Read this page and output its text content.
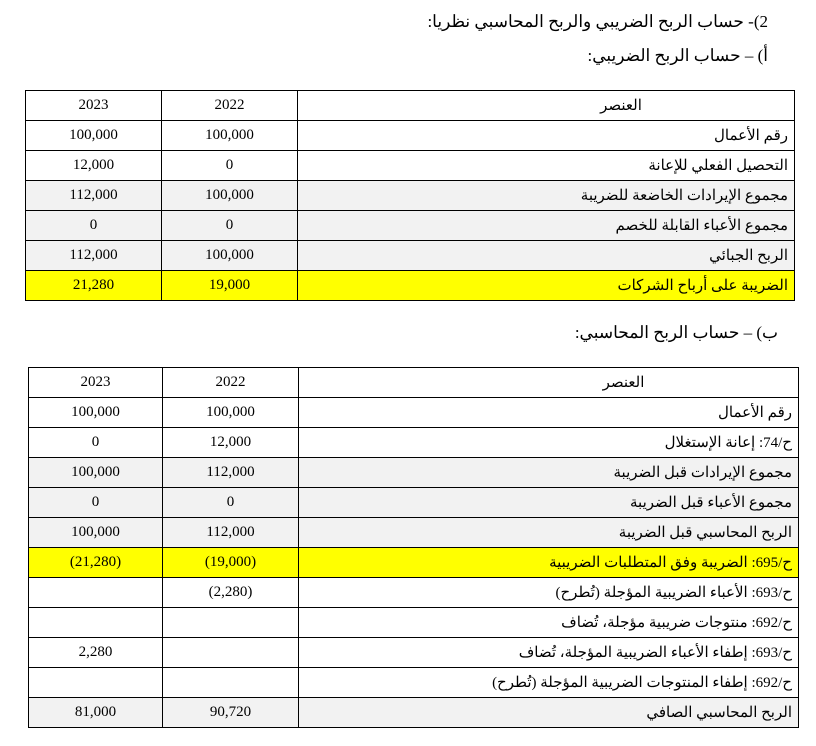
2)- حساب الربح الضريبي والربح المحاسبي نظريا:
أ) – حساب الربح الضريبي:
العنصر	2022	2023
رقم الأعمال	100,000	100,000
التحصيل الفعلي للإعانة	0	12,000
مجموع الإيرادات الخاضعة للضريبة	100,000	112,000
مجموع الأعباء القابلة للخصم	0	0
الربح الجبائي	100,000	112,000
الضريبة على أرباح الشركات	19,000	21,280
ب) – حساب الربح المحاسبي:
العنصر	2022	2023
رقم الأعمال	100,000	100,000
ح/74: إعانة الإستغلال	12,000	0
مجموع الإيرادات قبل الضريبة	112,000	100,000
مجموع الأعباء قبل الضريبة	0	0
الربح المحاسبي قبل الضريبة	112,000	100,000
ح/695: الضريبة وفق المتطلبات الضريبية	(19,000)	(21,280)
ح/693: الأعباء الضريبية المؤجلة (تُطرح)	(2,280)	
ح/692: منتوجات ضريبية مؤجلة، تُضاف		
ح/693: إطفاء الأعباء الضريبية المؤجلة، تُضاف		2,280
ح/692: إطفاء المنتوجات الضريبية المؤجلة (تُطرح)		
الربح المحاسبي الصافي	90,720	81,000
